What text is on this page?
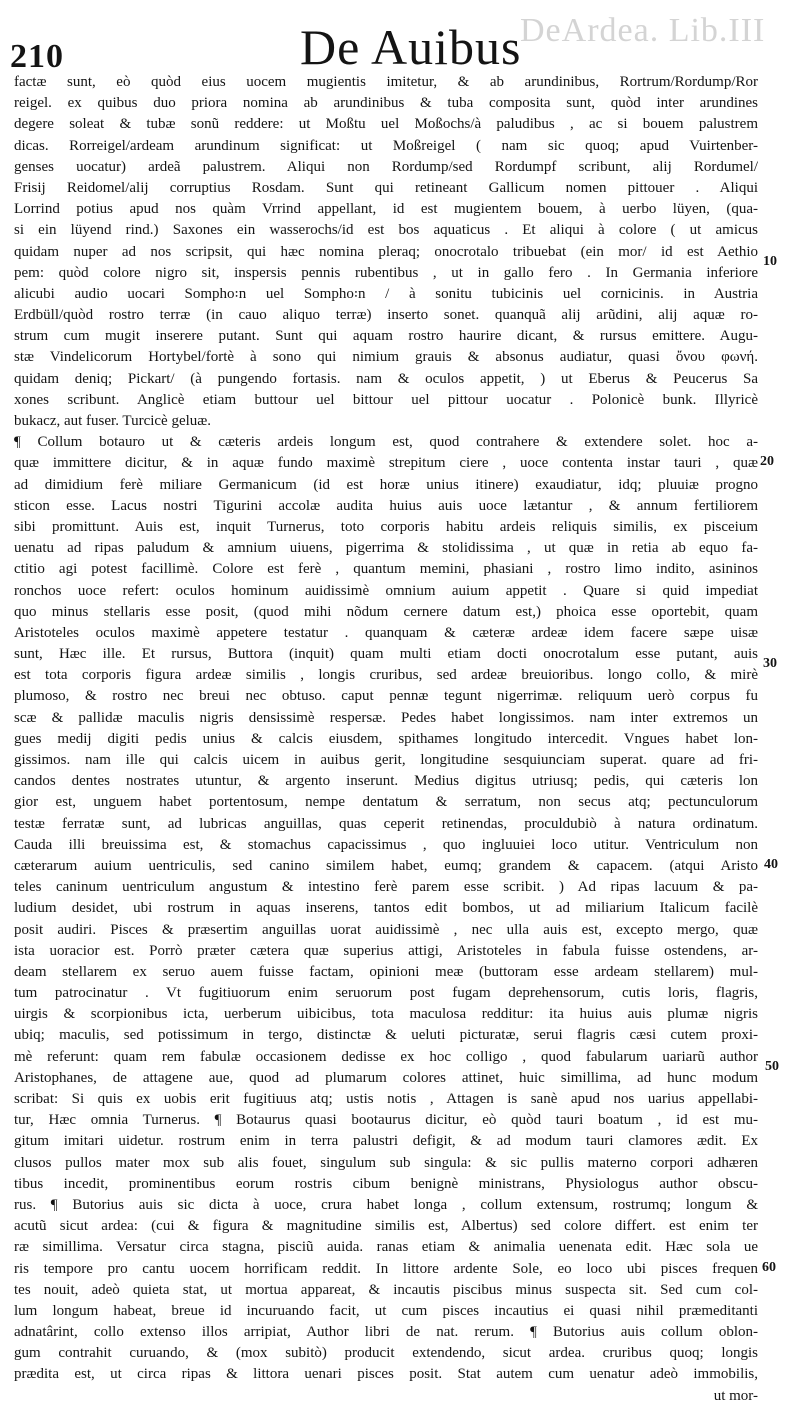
DeArdea. Lib.III
210	De Auibus
10
20
30
40
50
60
factæ sunt, eò quòd eius uocem mugientis imitetur, & ab arundinibus, Rortrum/Rordump/Ror
reigel. ex quibus duo priora nomina ab arundinibus & tuba composita sunt, quòd inter arundines
degere soleat & tubæ sonũ reddere: ut Moßtu uel Moßochs/à paludibus , ac si bouem palustrem
dicas. Rorreigel/ardeam arundinum significat: ut Moßreigel ( nam sic quoq; apud Vuirtenber-
genses uocatur) ardeã palustrem. Aliqui non Rordump/sed Rordumpf scribunt, alij Rordumel/
Frisij Reidomel/alij corruptius Rosdam. Sunt qui retineant Gallicum nomen pittouer . Aliqui
Lorrind potius apud nos quàm Vrrind appellant, id est mugientem bouem, à uerbo lüyen, (qua-
si ein lüyend rind.) Saxones ein wasserochs/id est bos aquaticus . Et aliqui à colore ( ut amicus
quidam nuper ad nos scripsit, qui hæc nomina pleraq; onocrotalo tribuebat (ein mor/ id est Aethio
pem: quòd colore nigro sit, inspersis pennis rubentibus , ut in gallo fero . In Germania inferiore
alicubi audio uocari Sompho꞉n uel Sompho꞉n / à sonitu tubicinis uel cornicinis. in Austria
Erdbüll/quòd rostro terræ (in cauo aliquo terræ) inserto sonet. quanquã alij arũdini, alij aquæ ro-
strum cum mugit inserere putant. Sunt qui aquam rostro haurire dicant, & rursus emittere. Augu-
stæ Vindelicorum Hortybel/fortè à sono qui nimium grauis & absonus audiatur, quasi ὄνου φωνή.
quidam deniq; Pickart/ (à pungendo fortasis. nam & oculos appetit, ) ut Eberus & Peucerus Sa
xones scribunt. Anglicè etiam buttour uel bittour uel pittour uocatur . Polonicè bunk. Illyricè
bukacz, aut fuser. Turcicè geluæ.
¶ Collum botauro ut & cæteris ardeis longum est, quod contrahere & extendere solet. hoc a-
quæ immittere dicitur, & in aquæ fundo maximè strepitum ciere , uoce contenta instar tauri , quæ
ad dimidium ferè miliare Germanicum (id est horæ unius itinere) exaudiatur, idq; pluuiæ progno
sticon esse. Lacus nostri Tigurini accolæ audita huius auis uoce lætantur , & annum fertiliorem
sibi promittunt. Auis est, inquit Turnerus, toto corporis habitu ardeis reliquis similis, ex pisceium
uenatu ad ripas paludum & amnium uiuens, pigerrima & stolidissima , ut quæ in retia ab equo fa-
ctitio agi potest facillimè. Colore est ferè , quantum memini, phasiani , rostro limo indito, asininos
ronchos uoce refert: oculos hominum auidissimè omnium auium appetit . Quare si quid impediat
quo minus stellaris esse posit, (quod mihi nõdum cernere datum est,) phoica esse oportebit, quam
Aristoteles oculos maximè appetere testatur . quanquam & cæteræ ardeæ idem facere sæpe uisæ
sunt, Hæc ille. Et rursus, Buttora (inquit) quam multi etiam docti onocrotalum esse putant, auis
est tota corporis figura ardeæ similis , longis cruribus, sed ardeæ breuioribus. longo collo, & mirè
plumoso, & rostro nec breui nec obtuso. caput pennæ tegunt nigerrimæ. reliquum uerò corpus fu
scæ & pallidæ maculis nigris densissimè respersæ. Pedes habet longissimos. nam inter extremos un
gues medij digiti pedis unius & calcis eiusdem, spithames longitudo intercedit. Vngues habet lon-
gissimos. nam ille qui calcis uicem in auibus gerit, longitudine sesquiunciam superat. quare ad fri-
candos dentes nostrates utuntur, & argento inserunt. Medius digitus utriusq; pedis, qui cæteris lon
gior est, unguem habet portentosum, nempe dentatum & serratum, non secus atq; pectunculorum
testæ ferratæ sunt, ad lubricas anguillas, quas ceperit retinendas, proculdubiò à natura ordinatum.
Cauda illi breuissima est, & stomachus capacissimus , quo ingluuiei loco utitur. Ventriculum non
cæterarum auium uentriculis, sed canino similem habet, eumq; grandem & capacem. (atqui Aristo
teles caninum uentriculum angustum & intestino ferè parem esse scribit. ) Ad ripas lacuum & pa-
ludium desidet, ubi rostrum in aquas inserens, tantos edit bombos, ut ad miliarium Italicum facilè
posit audiri. Pisces & præsertim anguillas uorat auidissimè , nec ulla auis est, excepto mergo, quæ
ista uoracior est. Porrò præter cætera quæ superius attigi, Aristoteles in fabula fuisse ostendens, ar-
deam stellarem ex seruo auem fuisse factam, opinioni meæ (buttoram esse ardeam stellarem) mul-
tum patrocinatur . Vt fugitiuorum enim seruorum post fugam deprehensorum, cutis loris, flagris,
uirgis & scorpionibus icta, uerberum uibicibus, tota maculosa redditur: ita huius auis plumæ nigris
ubiq; maculis, sed potissimum in tergo, distinctæ & ueluti picturatæ, serui flagris cæsi cutem proxi-
mè referunt: quam rem fabulæ occasionem dedisse ex hoc colligo , quod fabularum uariarũ author
Aristophanes, de attagene aue, quod ad plumarum colores attinet, huic simillima, ad hunc modum
scribat: Si quis ex uobis erit fugitiuus atq; ustis notis , Attagen is sanè apud nos uarius appellabi-
tur, Hæc omnia Turnerus. ¶ Botaurus quasi bootaurus dicitur, eò quòd tauri boatum , id est mu-
gitum imitari uidetur. rostrum enim in terra palustri defigit, & ad modum tauri clamores ædit. Ex
clusos pullos mater mox sub alis fouet, singulum sub singula: & sic pullis materno corpori adhæren
tibus incedit, prominentibus eorum rostris cibum benignè ministrans, Physiologus author obscu-
rus. ¶ Butorius auis sic dicta à uoce, crura habet longa , collum extensum, rostrumq; longum &
acutũ sicut ardea: (cui & figura & magnitudine similis est, Albertus) sed colore differt. est enim ter
ræ simillima. Versatur circa stagna, pisciũ auida. ranas etiam & animalia uenenata edit. Hæc sola ue
ris tempore pro cantu uocem horrificam reddit. In littore ardente Sole, eo loco ubi pisces frequen
tes nouit, adeò quieta stat, ut mortua appareat, & incautis piscibus minus suspecta sit. Sed cum col-
lum longum habeat, breue id incuruando facit, ut cum pisces incautius ei quasi nihil præmeditanti
adnatârint, collo extenso illos arripiat, Author libri de nat. rerum. ¶ Butorius auis collum oblon-
gum contrahit curuando, & (mox subitò) producit extendendo, sicut ardea. cruribus quoq; longis
prædita est, ut circa ripas & littora uenari pisces posit. Stat autem cum uenatur adeò immobilis,
ut mor-
